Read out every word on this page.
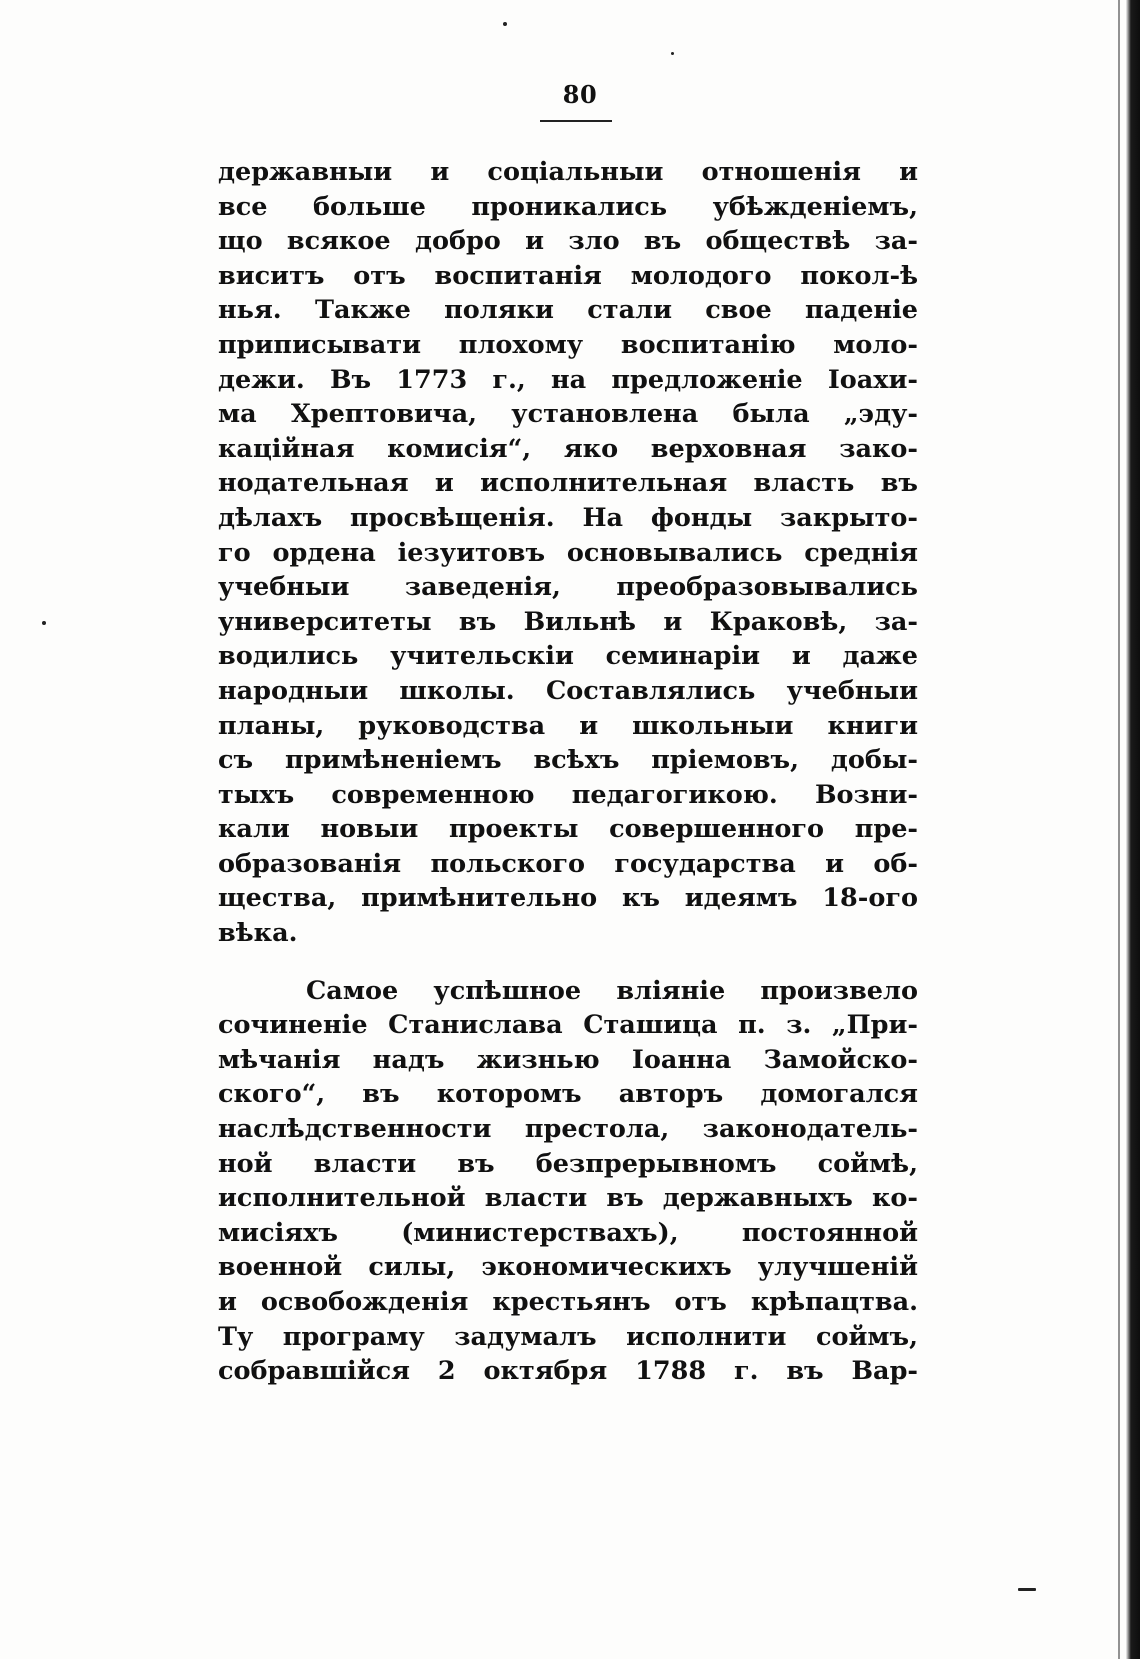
80
державныи и соціальныи отношенія и
все больше проникались убѣжденіемъ,
що всякое добро и зло въ обществѣ за-
виситъ отъ воспитанія молодого покол-ѣ
нья. Также поляки стали свое паденіе
приписывати плохому воспитанію моло-
дежи. Въ 1773 г., на предложеніе Іоахи-
ма Хрептовича, установлена была „эду-
каційная комисія“, яко верховная зако-
нодательная и исполнительная власть въ
дѣлахъ просвѣщенія. На фонды закрыто-
го ордена іезуитовъ основывались среднія
учебныи заведенія, преобразовывались
университеты въ Вильнѣ и Краковѣ, за-
водились учительскіи семинаріи и даже
народныи школы. Составлялись учебныи
планы, руководства и школьныи книги
съ примѣненіемъ всѣхъ пріемовъ, добы-
тыхъ современною педагогикою. Возни-
кали новыи проекты совершенного пре-
образованія польского государства и об-
щества, примѣнительно къ идеямъ 18-ого
вѣка.
Самое успѣшное вліяніе произвело
сочиненіе Станислава Сташица п. з. „При-
мѣчанія надъ жизнью Іоанна Замойско-
ского“, въ которомъ авторъ домогался
наслѣдственности престола, законодатель-
ной власти въ безпрерывномъ соймѣ,
исполнительной власти въ державныхъ ко-
мисіяхъ (министерствахъ), постоянной
военной силы, экономическихъ улучшеній
и освобожденія крестьянъ отъ крѣпацтва.
Ту програму задумалъ исполнити соймъ,
собравшійся 2 октября 1788 г. въ Вар-
